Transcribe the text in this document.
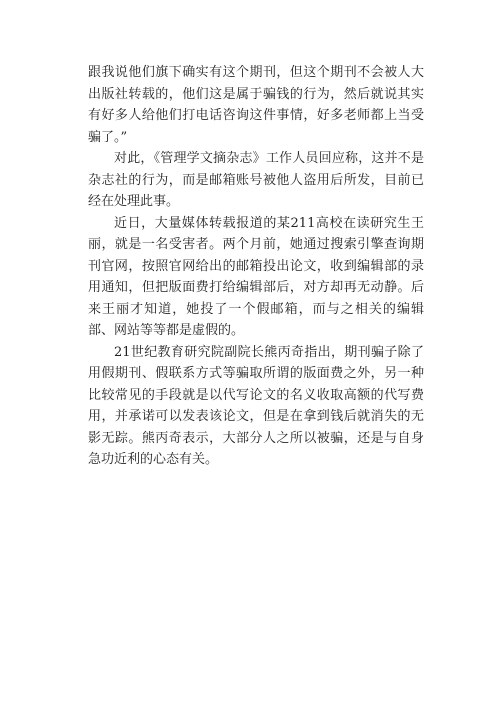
跟我说他们旗下确实有这个期刊，但这个期刊不会被人大出版社转载的，他们这是属于骗钱的行为，然后就说其实有好多人给他们打电话咨询这件事情，好多老师都上当受骗了。”

对此，《管理学文摘杂志》工作人员回应称，这并不是杂志社的行为，而是邮箱账号被他人盗用后所发，目前已经在处理此事。

近日，大量媒体转载报道的某211高校在读研究生王丽，就是一名受害者。两个月前，她通过搜索引擎查询期刊官网，按照官网给出的邮箱投出论文，收到编辑部的录用通知，但把版面费打给编辑部后，对方却再无动静。后来王丽才知道，她投了一个假邮箱，而与之相关的编辑部、网站等等都是虚假的。

21世纪教育研究院副院长熊丙奇指出，期刊骗子除了用假期刊、假联系方式等骗取所谓的版面费之外，另一种比较常见的手段就是以代写论文的名义收取高额的代写费用，并承诺可以发表该论文，但是在拿到钱后就消失的无影无踪。熊丙奇表示，大部分人之所以被骗，还是与自身急功近利的心态有关。
